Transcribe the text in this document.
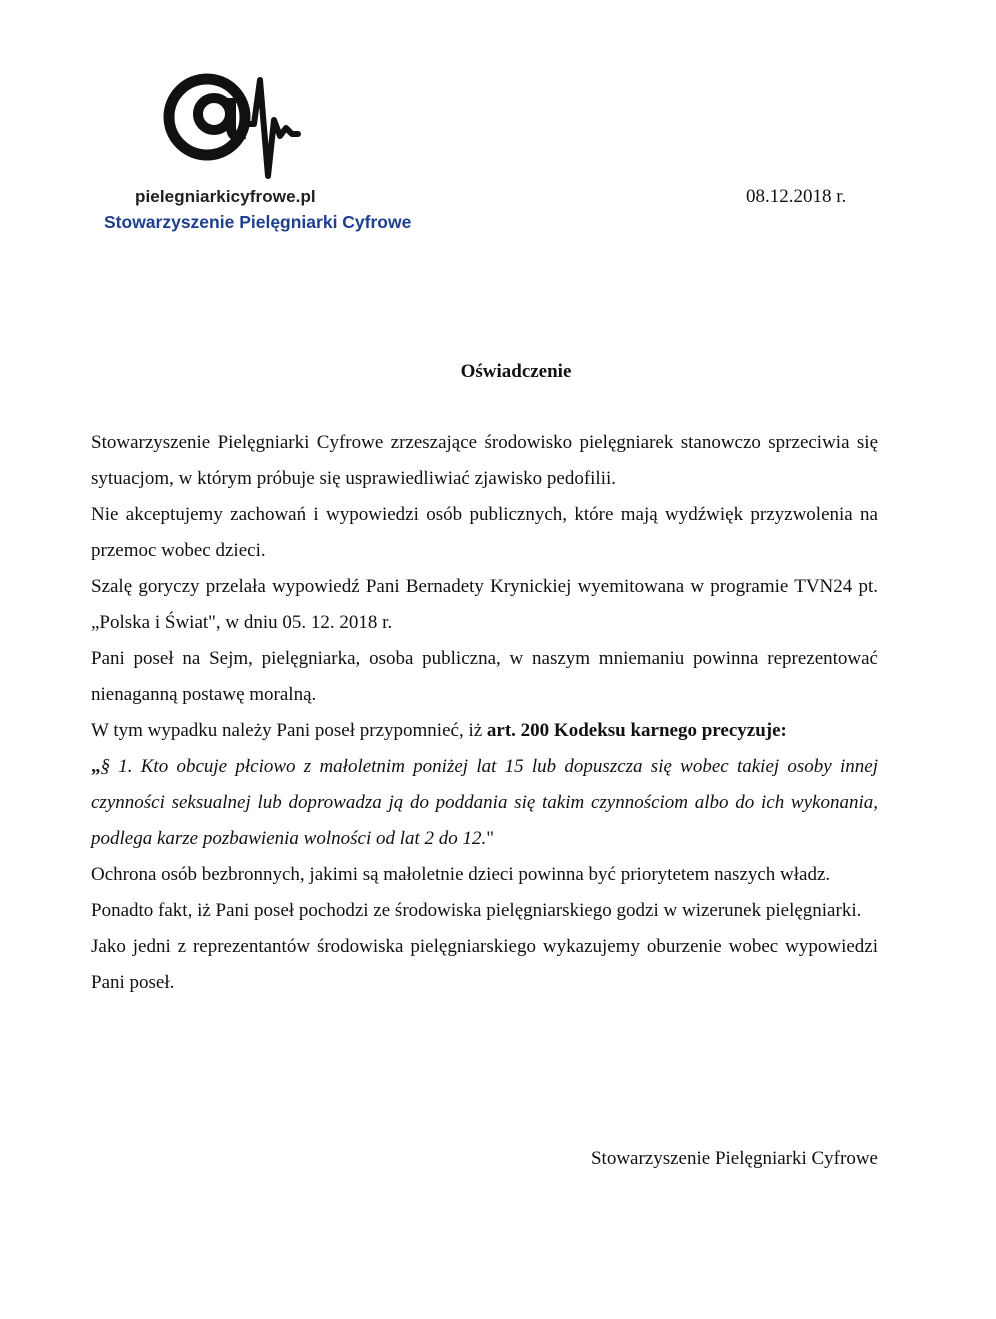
pielegniarkicyfrowe.pl
Stowarzyszenie Pielęgniarki Cyfrowe
08.12.2018 r.
Oświadczenie

Stowarzyszenie Pielęgniarki Cyfrowe zrzeszające środowisko pielęgniarek stanowczo sprzeciwia się sytuacjom, w którym próbuje się usprawiedliwiać zjawisko pedofilii.

Nie akceptujemy zachowań i wypowiedzi osób publicznych, które mają wydźwięk przyzwolenia na przemoc wobec dzieci.

Szalę goryczy przelała wypowiedź Pani Bernadety Krynickiej wyemitowana w programie TVN24 pt. „Polska i Świat", w dniu 05. 12. 2018 r.

Pani poseł na Sejm, pielęgniarka, osoba publiczna, w naszym mniemaniu powinna reprezentować nienaganną postawę moralną.

W tym wypadku należy Pani poseł przypomnieć, iż art. 200 Kodeksu karnego precyzuje:

„§ 1. Kto obcuje płciowo z małoletnim poniżej lat 15 lub dopuszcza się wobec takiej osoby innej czynności seksualnej lub doprowadza ją do poddania się takim czynnościom albo do ich wykonania, podlega karze pozbawienia wolności od lat 2 do 12."

Ochrona osób bezbronnych, jakimi są małoletnie dzieci powinna być priorytetem naszych władz.

Ponadto fakt, iż Pani poseł pochodzi ze środowiska pielęgniarskiego godzi w wizerunek pielęgniarki.

Jako jedni z reprezentantów środowiska pielęgniarskiego wykazujemy oburzenie wobec wypowiedzi Pani poseł.

Stowarzyszenie Pielęgniarki Cyfrowe
